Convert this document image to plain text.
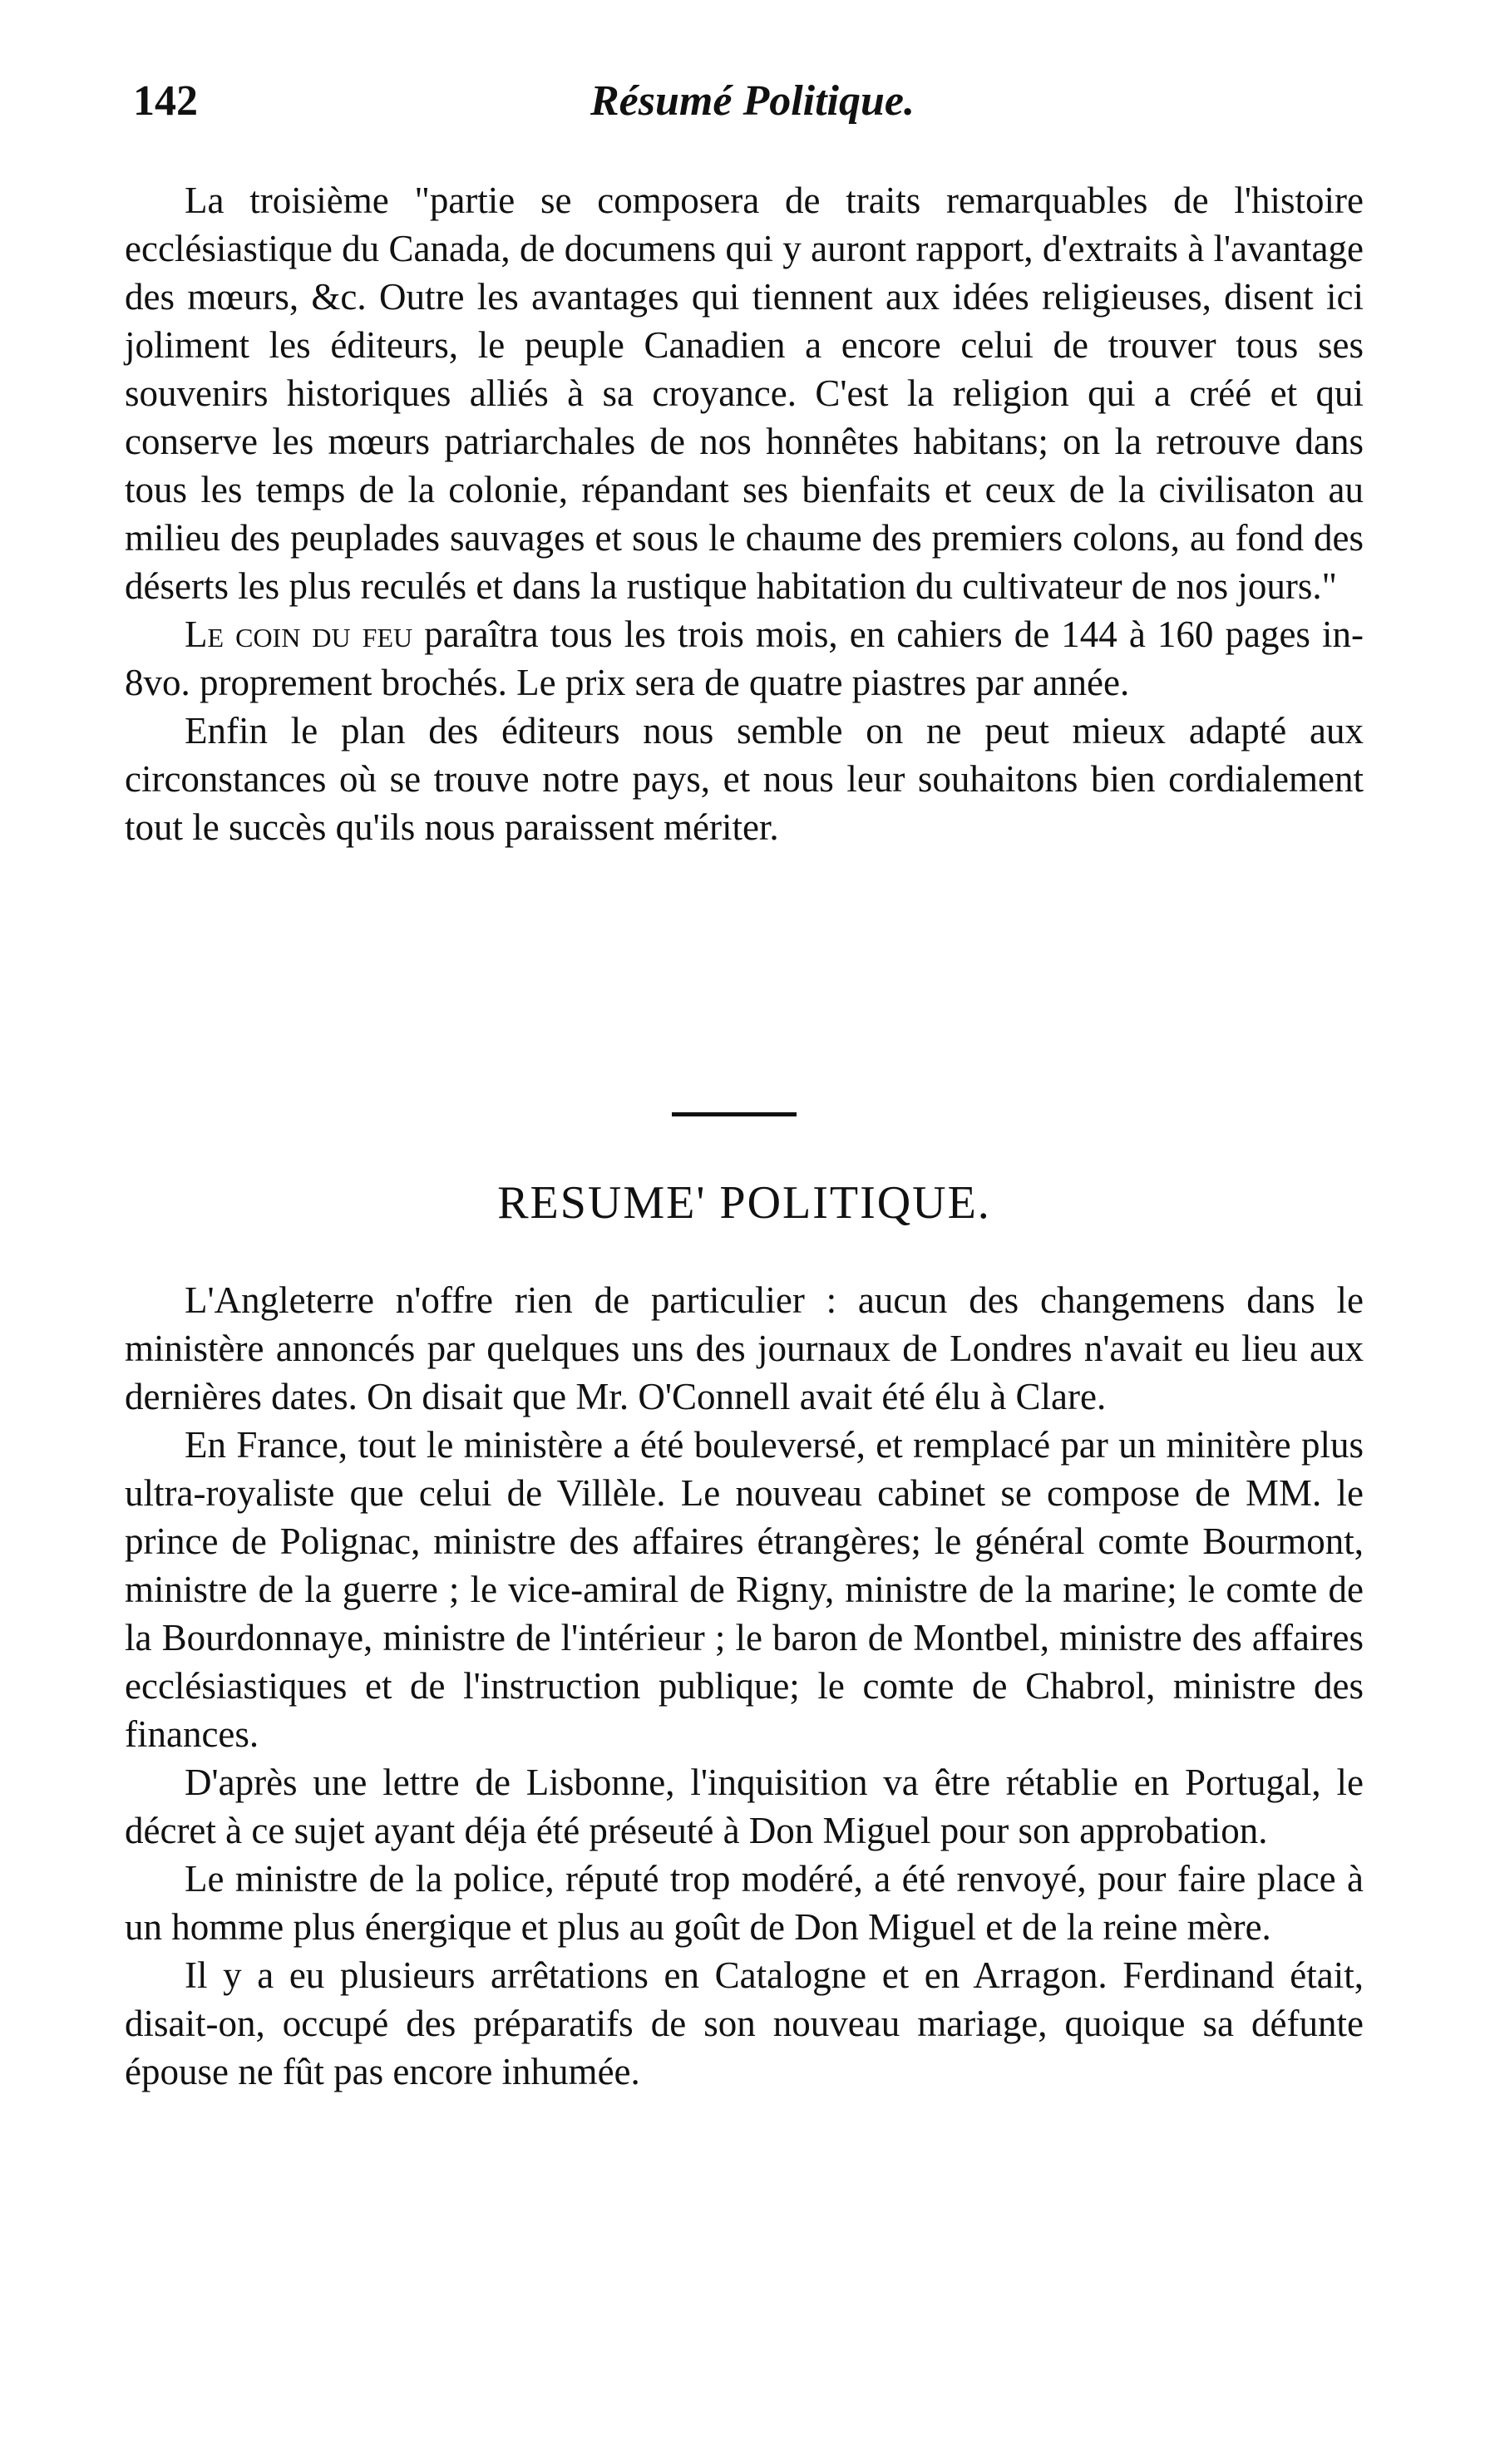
142	Résumé Politique.

La troisième "partie se composera de traits remarquables de l'histoire ecclésiastique du Canada, de documens qui y auront rapport, d'extraits à l'avantage des mœurs, &c. Outre les avantages qui tiennent aux idées religieuses, disent ici joliment les éditeurs, le peuple Canadien a encore celui de trouver tous ses souvenirs historiques alliés à sa croyance. C'est la religion qui a créé et qui conserve les mœurs patriarchales de nos honnêtes habitans; on la retrouve dans tous les temps de la colonie, répandant ses bienfaits et ceux de la civilisaton au milieu des peuplades sauvages et sous le chaume des premiers colons, au fond des déserts les plus reculés et dans la rustique habitation du cultivateur de nos jours."

Le coin du feu paraîtra tous les trois mois, en cahiers de 144 à 160 pages in-8vo. proprement brochés. Le prix sera de quatre piastres par année.

Enfin le plan des éditeurs nous semble on ne peut mieux adapté aux circonstances où se trouve notre pays, et nous leur souhaitons bien cordialement tout le succès qu'ils nous paraissent mériter.

RESUME' POLITIQUE.

L'Angleterre n'offre rien de particulier : aucun des changemens dans le ministère annoncés par quelques uns des journaux de Londres n'avait eu lieu aux dernières dates. On disait que Mr. O'Connell avait été élu à Clare.

En France, tout le ministère a été bouleversé, et remplacé par un minitère plus ultra-royaliste que celui de Villèle. Le nouveau cabinet se compose de MM. le prince de Polignac, ministre des affaires étrangères; le général comte Bourmont, ministre de la guerre ; le vice-amiral de Rigny, ministre de la marine; le comte de la Bourdonnaye, ministre de l'intérieur ; le baron de Montbel, ministre des affaires ecclésiastiques et de l'instruction publique; le comte de Chabrol, ministre des finances.

D'après une lettre de Lisbonne, l'inquisition va être rétablie en Portugal, le décret à ce sujet ayant déja été préseuté à Don Miguel pour son approbation.

Le ministre de la police, réputé trop modéré, a été renvoyé, pour faire place à un homme plus énergique et plus au goût de Don Miguel et de la reine mère.

Il y a eu plusieurs arrêtations en Catalogne et en Arragon. Ferdinand était, disait-on, occupé des préparatifs de son nouveau mariage, quoique sa défunte épouse ne fût pas encore inhumée.
